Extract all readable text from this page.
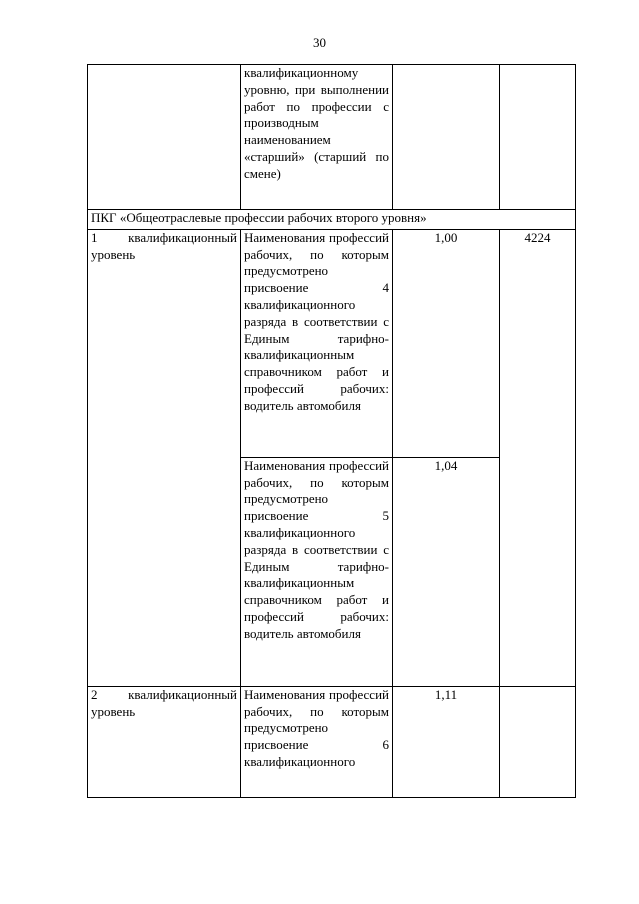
30
	квалификационному уровню, при выполнении работ по профессии с производным наименованием «старший» (старший по смене)		
ПКГ «Общеотраслевые профессии рабочих второго уровня»			
1 квалификационный уровень	Наименования профессий рабочих, по которым предусмотрено присвоение 4 квалификационного разряда в соответствии с Единым тарифно-квалификационным справочником работ и профессий рабочих: водитель автомобиля	1,00	4224
	Наименования профессий рабочих, по которым предусмотрено присвоение 5 квалификационного разряда в соответствии с Единым тарифно-квалификационным справочником работ и профессий рабочих: водитель автомобиля	1,04	
2 квалификационный уровень	Наименования профессий рабочих, по которым предусмотрено присвоение 6 квалификационного	1,11	
